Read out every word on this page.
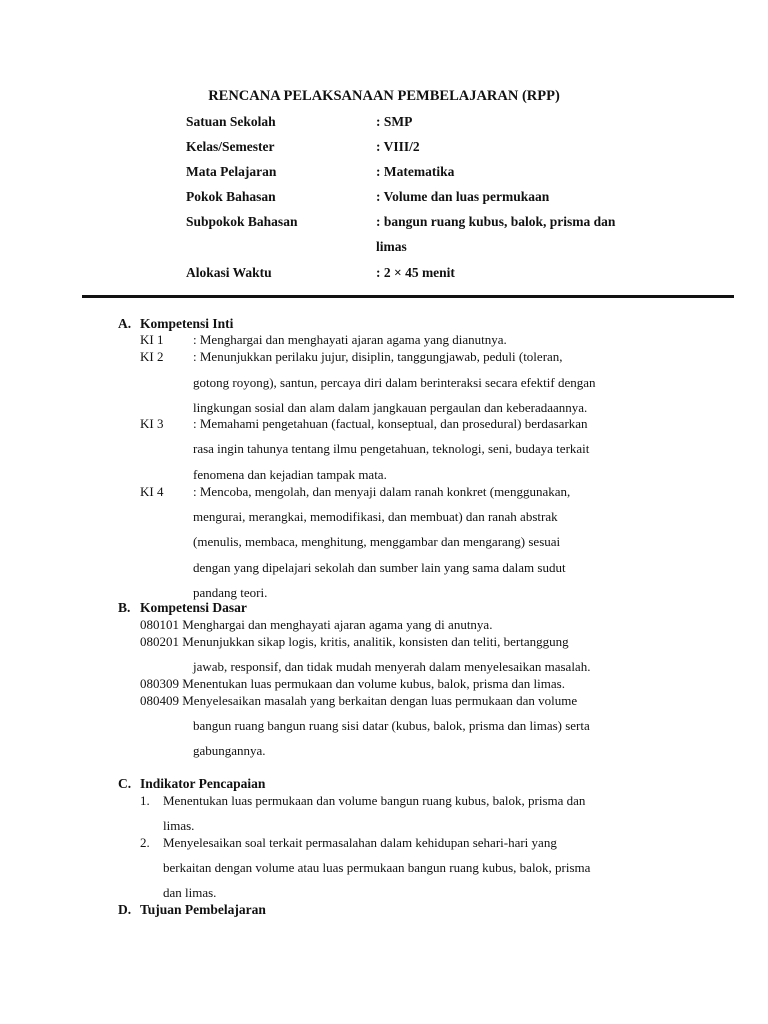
RENCANA PELAKSANAAN PEMBELAJARAN (RPP)
Satuan Sekolah	: SMP
Kelas/Semester	: VIII/2
Mata Pelajaran	: Matematika
Pokok Bahasan	: Volume dan luas permukaan
Subpokok Bahasan	: bangun ruang kubus, balok, prisma dan
limas
Alokasi Waktu	: 2 × 45 menit
A. Kompetensi Inti
KI 1 : Menghargai dan menghayati ajaran agama yang dianutnya.
KI 2 : Menunjukkan perilaku jujur, disiplin, tanggungjawab, peduli (toleran,
gotong royong), santun, percaya diri dalam berinteraksi secara efektif dengan
lingkungan sosial dan alam dalam jangkauan pergaulan dan keberadaannya.
KI 3 : Memahami pengetahuan (factual, konseptual, dan prosedural) berdasarkan
rasa ingin tahunya tentang ilmu pengetahuan, teknologi, seni, budaya terkait
fenomena dan kejadian tampak mata.
KI 4 : Mencoba, mengolah, dan menyaji dalam ranah konkret (menggunakan,
mengurai, merangkai, memodifikasi, dan membuat) dan ranah abstrak
(menulis, membaca, menghitung, menggambar dan mengarang) sesuai
dengan yang dipelajari sekolah dan sumber lain yang sama dalam sudut
pandang teori.
B. Kompetensi Dasar
080101 Menghargai dan menghayati ajaran agama yang di anutnya.
080201 Menunjukkan sikap logis, kritis, analitik, konsisten dan teliti, bertanggung
jawab, responsif, dan tidak mudah menyerah dalam menyelesaikan masalah.
080309 Menentukan luas permukaan dan volume kubus, balok, prisma dan limas.
080409 Menyelesaikan masalah yang berkaitan dengan luas permukaan dan volume
bangun ruang bangun ruang sisi datar (kubus, balok, prisma dan limas) serta
gabungannya.
C. Indikator Pencapaian
1. Menentukan luas permukaan dan volume bangun ruang kubus, balok, prisma dan
limas.
2. Menyelesaikan soal terkait permasalahan dalam kehidupan sehari-hari yang
berkaitan dengan volume atau luas permukaan bangun ruang kubus, balok, prisma
dan limas.
D. Tujuan Pembelajaran
